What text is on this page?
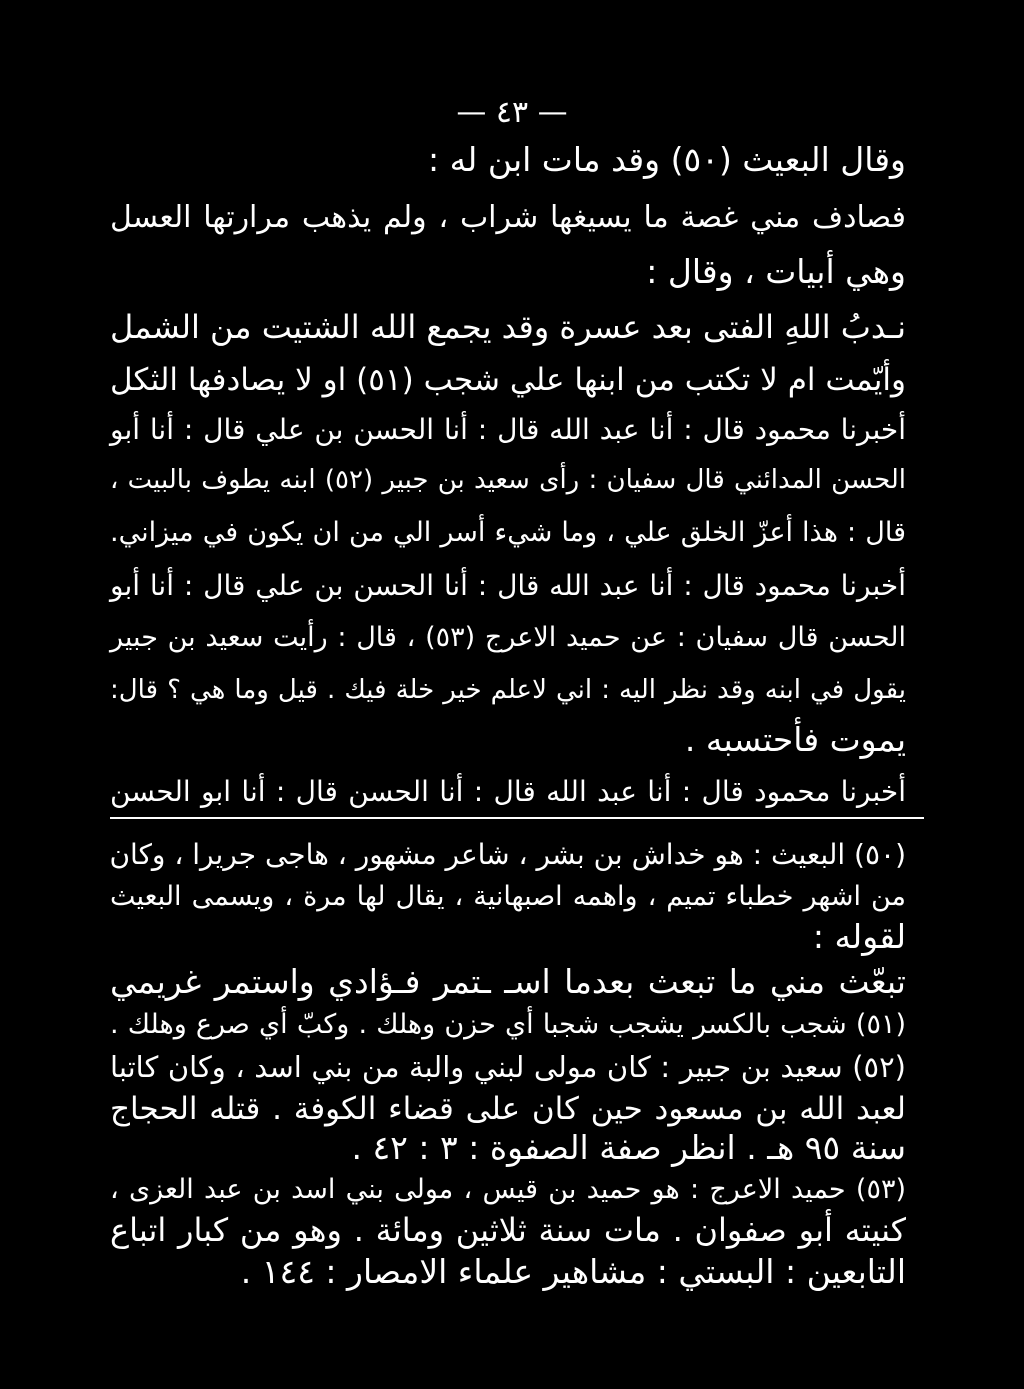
— ٤٣ —
وقال البعيث (٥٠) وقد مات ابن له :
فصادف مني غصة ما يسيغها شراب ، ولم يذهب مرارتها العسل
وهي أبيات ، وقال :
نـدبُ اللهِ الفتى بعد عسرة وقد يجمع الله الشتيت من الشمل
وأيّمت ام لا تكتب من ابنها علي شجب (٥١) او لا يصادفها الثكل
أخبرنا محمود قال : أنا عبد الله قال : أنا الحسن بن علي قال : أنا أبو
الحسن المدائني قال سفيان : رأى سعيد بن جبير (٥٢) ابنه يطوف بالبيت ،
قال : هذا أعزّ الخلق علي ، وما شيء أسر الي من ان يكون في ميزاني.
أخبرنا محمود قال : أنا عبد الله قال : أنا الحسن بن علي قال : أنا أبو
الحسن قال سفيان : عن حميد الاعرج (٥٣) ، قال : رأيت سعيد بن جبير
يقول في ابنه وقد نظر اليه : اني لاعلم خير خلة فيك . قيل وما هي ؟ قال:
يموت فأحتسبه .
أخبرنا محمود قال : أنا عبد الله قال : أنا الحسن قال : أنا ابو الحسن
(٥٠) البعيث : هو خداش بن بشر ، شاعر مشهور ، هاجى جريرا ، وكان
من اشهر خطباء تميم ، واهمه اصبهانية ، يقال لها مرة ، ويسمى البعيث
لقوله :
تبعّث مني ما تبعث بعدما اسـ ـتمر فـؤادي واستمر غريمي
(٥١) شجب بالكسر يشجب شجبا أي حزن وهلك . وكبّ أي صرع وهلك .
(٥٢) سعيد بن جبير : كان مولى لبني والبة من بني اسد ، وكان كاتبا
لعبد الله بن مسعود حين كان على قضاء الكوفة . قتله الحجاج
سنة ٩٥ هـ . انظر صفة الصفوة : ٣ : ٤٢ .
(٥٣) حميد الاعرج : هو حميد بن قيس ، مولى بني اسد بن عبد العزى ،
كنيته أبو صفوان . مات سنة ثلاثين ومائة . وهو من كبار اتباع
التابعين : البستي : مشاهير علماء الامصار : ١٤٤ .
